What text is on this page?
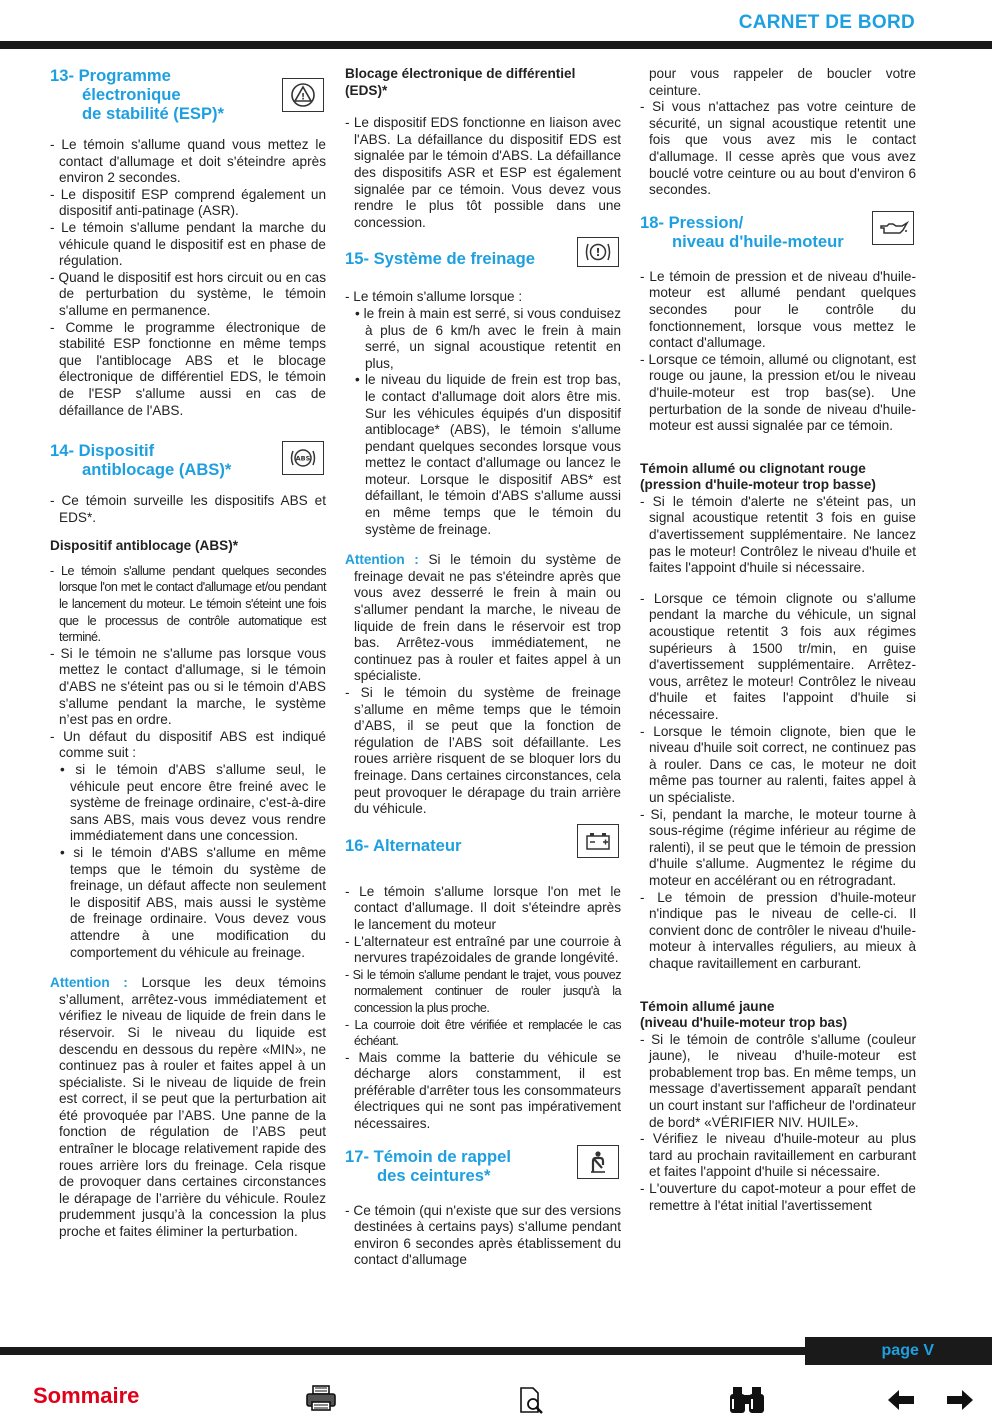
CARNET DE BORD
13- Programme
électronique
de stabilité (ESP)*
!

- Le témoin s'allume quand vous mettez le contact d'allumage et doit s'éteindre après environ 2 secondes.

- Le dispositif ESP comprend également un dispositif anti-patinage (ASR).

- Le témoin s'allume pendant la marche du véhicule quand le dispositif est en phase de régulation.

- Quand le dispositif est hors circuit ou en cas de perturbation du système, le témoin s'allume en permanence.

- Comme le programme électronique de stabilité ESP fonctionne en même temps que l'antiblocage ABS et le blocage électronique de différentiel EDS, le témoin de l'ESP s'allume aussi en cas de défaillance de l'ABS.

14- Dispositif
antiblocage (ABS)*
ABS

- Ce témoin surveille les dispositifs ABS et EDS*.

Dispositif antiblocage (ABS)*

- Le témoin s'allume pendant quelques secondes lorsque l'on met le contact d'allumage et/ou pendant le lancement du moteur. Le témoin s'éteint une fois que le processus de contrôle automatique est terminé.

- Si le témoin ne s'allume pas lorsque vous mettez le contact d'allumage, si le témoin d'ABS ne s'éteint pas ou si le témoin d'ABS s'allume pendant la marche, le système n’est pas en ordre.

- Un défaut du dispositif ABS est indiqué comme suit :

• si le témoin d'ABS s'allume seul, le véhicule peut encore être freiné avec le système de freinage ordinaire, c'est-à-dire sans ABS, mais vous devez vous rendre immédiatement dans une concession.

• si le témoin d'ABS s'allume en même temps que le témoin du système de freinage, un défaut affecte non seulement le dispositif ABS, mais aussi le système de freinage ordinaire. Vous devez vous attendre à une modification du comportement du véhicule au freinage.

Attention : Lorsque les deux témoins s’allument, arrêtez-vous immédiatement et vérifiez le niveau de liquide de frein dans le réservoir. Si le niveau du liquide est descendu en dessous du repère «MIN», ne continuez pas à rouler et faites appel à un spécialiste. Si le niveau de liquide de frein est correct, il se peut que la perturbation ait été provoquée par l’ABS. Une panne de la fonction de régulation de l’ABS peut entraîner le blocage relativement rapide des roues arrière lors du freinage. Cela risque de provoquer dans certaines circonstances le dérapage de l’arrière du véhicule. Roulez prudemment jusqu’à la concession la plus proche et faites éliminer la perturbation.

Blocage électronique de différentiel (EDS)*

- Le dispositif EDS fonctionne en liaison avec l'ABS. La défaillance du dispositif EDS est signalée par le témoin d'ABS. La défaillance des dispositifs ASR et ESP est également signalée par ce témoin. Vous devez vous rendre le plus tôt possible dans une concession.

15- Système de freinage	!

- Le témoin s'allume lorsque :

• le frein à main est serré, si vous conduisez à plus de 6 km/h avec le frein à main serré, un signal acoustique retentit en plus,

• le niveau du liquide de frein est trop bas, le contact d'allumage doit alors être mis. Sur les véhicules équipés d'un dispositif antiblocage* (ABS), le témoin s'allume pendant quelques secondes lorsque vous mettez le contact d'allumage ou lancez le moteur. Lorsque le dispositif ABS* est défaillant, le témoin d'ABS s'allume aussi en même temps que le témoin du système de freinage.

Attention : Si le témoin du système de freinage devait ne pas s'éteindre après que vous avez desserré le frein à main ou s'allumer pendant la marche, le niveau de liquide de frein dans le réservoir est trop bas. Arrêtez-vous immédiatement, ne continuez pas à rouler et faites appel à un spécialiste.

- Si le témoin du système de freinage s’allume en même temps que le témoin d’ABS, il se peut que la fonction de régulation de l’ABS soit défaillante. Les roues arrière risquent de se bloquer lors du freinage. Dans certaines circonstances, cela peut provoquer le dérapage du train arrière du véhicule.

16- Alternateur

- Le témoin s'allume lorsque l'on met le contact d'allumage. Il doit s'éteindre après le lancement du moteur

- L'alternateur est entraîné par une courroie à nervures trapézoidales de grande longévité.

- Si le témoin s'allume pendant le trajet, vous pouvez normalement continuer de rouler jusqu'à la concession la plus proche.

- La courroie doit être vérifiée et remplacée le cas échéant.

- Mais comme la batterie du véhicule se décharge alors constamment, il est préférable d'arrêter tous les consommateurs électriques qui ne sont pas impérativement nécessaires.

17- Témoin de rappel
des ceintures*

- Ce témoin (qui n'existe que sur des versions destinées à certains pays) s'allume pendant environ 6 secondes après établissement du contact d'allumage

pour vous rappeler de boucler votre ceinture.

- Si vous n'attachez pas votre ceinture de sécurité, un signal acoustique retentit une fois que vous avez mis le contact d'allumage. Il cesse après que vous avez bouclé votre ceinture ou au bout d'environ 6 secondes.

18- Pression/
niveau d'huile-moteur

- Le témoin de pression et de niveau d'huile-moteur est allumé pendant quelques secondes pour le contrôle du fonctionnement, lorsque vous mettez le contact d'allumage.

- Lorsque ce témoin, allumé ou clignotant, est rouge ou jaune, la pression et/ou le niveau d'huile-moteur est trop bas(se). Une perturbation de la sonde de niveau d'huile-moteur est aussi signalée par ce témoin.

Témoin allumé ou clignotant rouge (pression d'huile-moteur trop basse)

- Si le témoin d'alerte ne s'éteint pas, un signal acoustique retentit 3 fois en guise d'avertissement supplémentaire. Ne lancez pas le moteur! Contrôlez le niveau d'huile et faites l'appoint d'huile si nécessaire.

- Lorsque ce témoin clignote ou s'allume pendant la marche du véhicule, un signal acoustique retentit 3 fois aux régimes supérieurs à 1500 tr/min, en guise d'avertissement supplémentaire. Arrêtez-vous, arrêtez le moteur! Contrôlez le niveau d'huile et faites l'appoint d'huile si nécessaire.

- Lorsque le témoin clignote, bien que le niveau d'huile soit correct, ne continuez pas à rouler. Dans ce cas, le moteur ne doit même pas tourner au ralenti, faites appel à un spécialiste.

- Si, pendant la marche, le moteur tourne à sous-régime (régime inférieur au régime de ralenti), il se peut que le témoin de pression d'huile s'allume. Augmentez le régime du moteur en accélérant ou en rétrogradant.

- Le témoin de pression d'huile-moteur n'indique pas le niveau de celle-ci. Il convient donc de contrôler le niveau d'huile-moteur à intervalles réguliers, au mieux à chaque ravitaillement en carburant.

Témoin allumé jaune
(niveau d'huile-moteur trop bas)

- Si le témoin de contrôle s'allume (couleur jaune), le niveau d'huile-moteur est probablement trop bas. En même temps, un message d'avertissement apparaît pendant un court instant sur l'afficheur de l'ordinateur de bord* «VÉRIFIER NIV. HUILE».

- Vérifiez le niveau d'huile-moteur au plus tard au prochain ravitaillement en carburant et faites l'appoint d'huile si nécessaire.

- L'ouverture du capot-moteur a pour effet de remettre à l'état initial l'avertissement

page V
Sommaire
